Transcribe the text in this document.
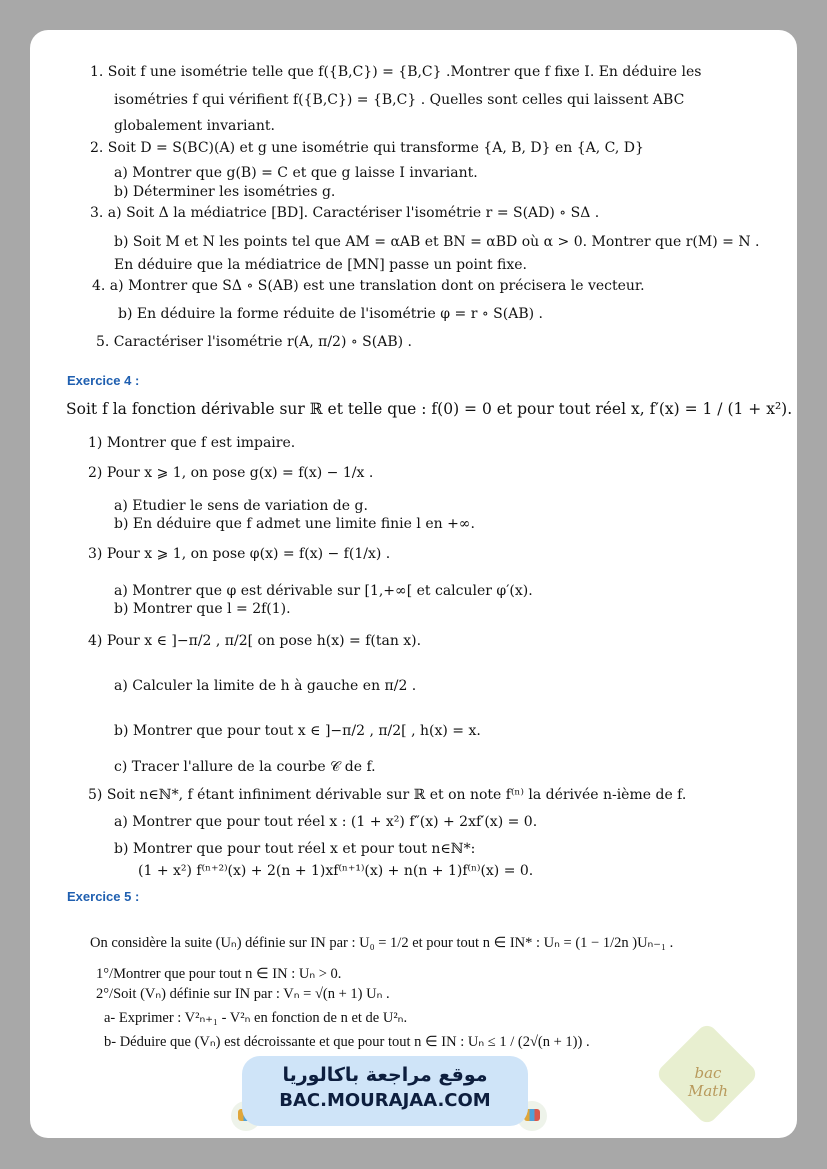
1. Soit f une isométrie telle que f({B,C}) = {B,C} .Montrer que f fixe I. En déduire les
isométries f qui vérifient f({B,C}) = {B,C} . Quelles sont celles qui laissent ABC
globalement invariant.
2. Soit D = S(BC)(A) et g une isométrie qui transforme {A, B, D} en {A, C, D}
a) Montrer que g(B) = C et que g laisse I invariant.
b) Déterminer les isométries g.
3. a) Soit Δ la médiatrice [BD]. Caractériser l'isométrie r = S(AD) ∘ SΔ .
b) Soit M et N les points tel que AM = αAB et BN = αBD où α > 0. Montrer que r(M) = N .
En déduire que la médiatrice de [MN] passe un point fixe.
4. a) Montrer que SΔ ∘ S(AB) est une translation dont on précisera le vecteur.
b) En déduire la forme réduite de l'isométrie φ = r ∘ S(AB) .
5. Caractériser l'isométrie r(A, π/2) ∘ S(AB) .
Exercice 4 :
Soit f la fonction dérivable sur ℝ et telle que : f(0) = 0 et pour tout réel x, f′(x) = 1 / (1 + x²).
1) Montrer que f est impaire.
2) Pour x ⩾ 1, on pose g(x) = f(x) − 1/x .
a) Etudier le sens de variation de g.
b) En déduire que f admet une limite finie l en +∞.
3) Pour x ⩾ 1, on pose φ(x) = f(x) − f(1/x) .
a) Montrer que φ est dérivable sur [1,+∞[ et calculer φ′(x).
b) Montrer que l = 2f(1).
4) Pour x ∈ ]−π/2 , π/2[ on pose h(x) = f(tan x).
a) Calculer la limite de h à gauche en π/2 .
b) Montrer que pour tout x ∈ ]−π/2 , π/2[ , h(x) = x.
c) Tracer l'allure de la courbe 𝒞 de f.
5) Soit n∈ℕ*, f étant infiniment dérivable sur ℝ et on note f⁽ⁿ⁾ la dérivée n-ième de f.
a) Montrer que pour tout réel x : (1 + x²) f″(x) + 2xf′(x) = 0.
b) Montrer que pour tout réel x et pour tout n∈ℕ*:
(1 + x²) f⁽ⁿ⁺²⁾(x) + 2(n + 1)xf⁽ⁿ⁺¹⁾(x) + n(n + 1)f⁽ⁿ⁾(x) = 0.
Exercice 5 :
On considère la suite (Uₙ) définie sur IN par : U₀ = 1/2 et pour tout n ∈ IN* : Uₙ = (1 − 1/2n )Uₙ₋₁ .
1°/Montrer que pour tout n ∈ IN : Uₙ > 0.
2°/Soit (Vₙ) définie sur IN par : Vₙ = √(n + 1) Uₙ .
a- Exprimer : V²ₙ₊₁ - V²ₙ en fonction de n et de U²ₙ.
b- Déduire que (Vₙ) est décroissante et que pour tout n ∈ IN : Uₙ ≤ 1 / (2√(n + 1)) .
موقع مراجعة باكالوريا
BAC.MOURAJAA.COM
bac Math
